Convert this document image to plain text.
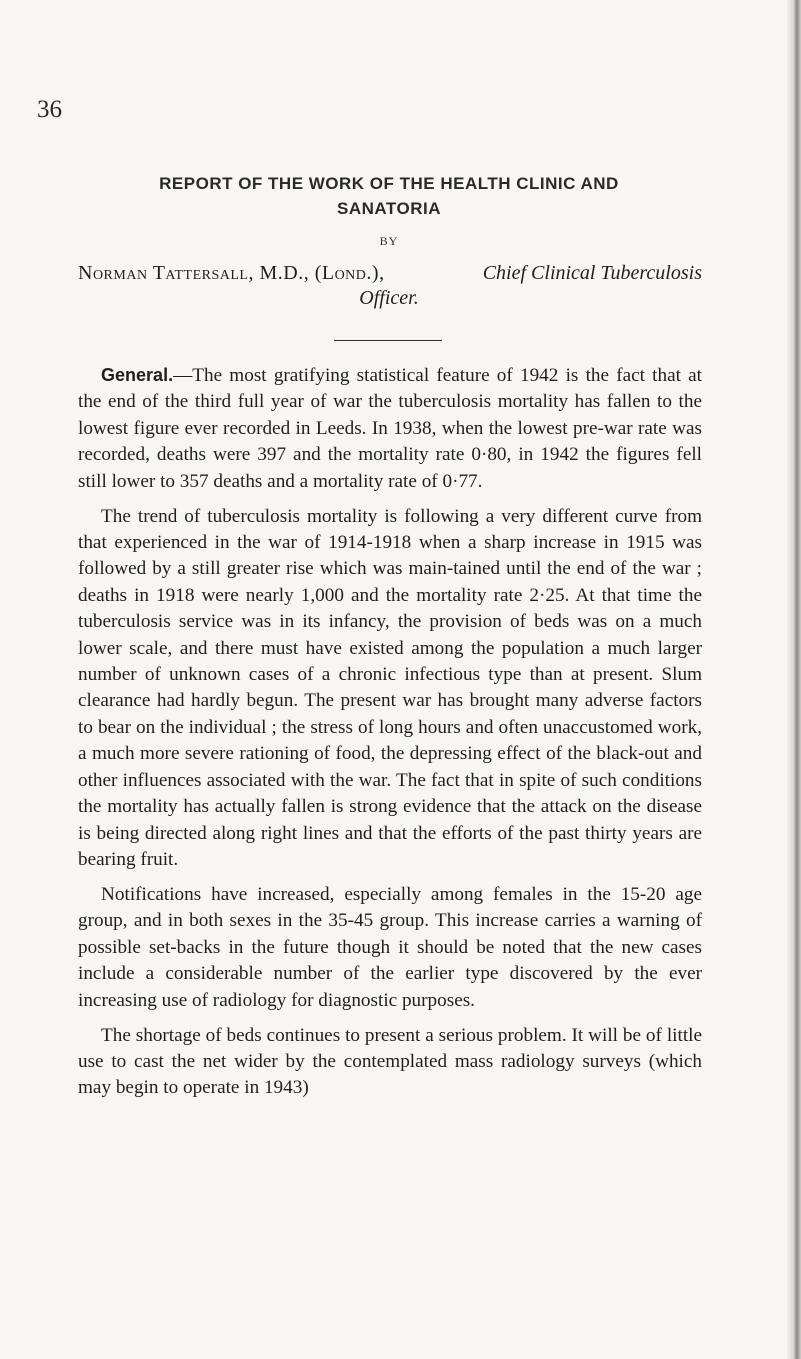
36
REPORT OF THE WORK OF THE HEALTH CLINIC AND
SANATORIA
BY
Norman Tattersall, M.D., (Lond.),	Chief Clinical Tuberculosis
Officer.

General.—The most gratifying statistical feature of 1942 is the fact that at the end of the third full year of war the tuberculosis mortality has fallen to the lowest figure ever recorded in Leeds. In 1938, when the lowest pre-war rate was recorded, deaths were 397 and the mortality rate 0·80, in 1942 the figures fell still lower to 357 deaths and a mortality rate of 0·77.

The trend of tuberculosis mortality is following a very different curve from that experienced in the war of 1914-1918 when a sharp increase in 1915 was followed by a still greater rise which was main-tained until the end of the war ; deaths in 1918 were nearly 1,000 and the mortality rate 2·25. At that time the tuberculosis service was in its infancy, the provision of beds was on a much lower scale, and there must have existed among the population a much larger number of unknown cases of a chronic infectious type than at present. Slum clearance had hardly begun. The present war has brought many adverse factors to bear on the individual ; the stress of long hours and often unaccustomed work, a much more severe rationing of food, the depressing effect of the black-out and other influences associated with the war. The fact that in spite of such conditions the mortality has actually fallen is strong evidence that the attack on the disease is being directed along right lines and that the efforts of the past thirty years are bearing fruit.

Notifications have increased, especially among females in the 15-20 age group, and in both sexes in the 35-45 group. This increase carries a warning of possible set-backs in the future though it should be noted that the new cases include a considerable number of the earlier type discovered by the ever increasing use of radiology for diagnostic purposes.

The shortage of beds continues to present a serious problem. It will be of little use to cast the net wider by the contemplated mass radiology surveys (which may begin to operate in 1943)
